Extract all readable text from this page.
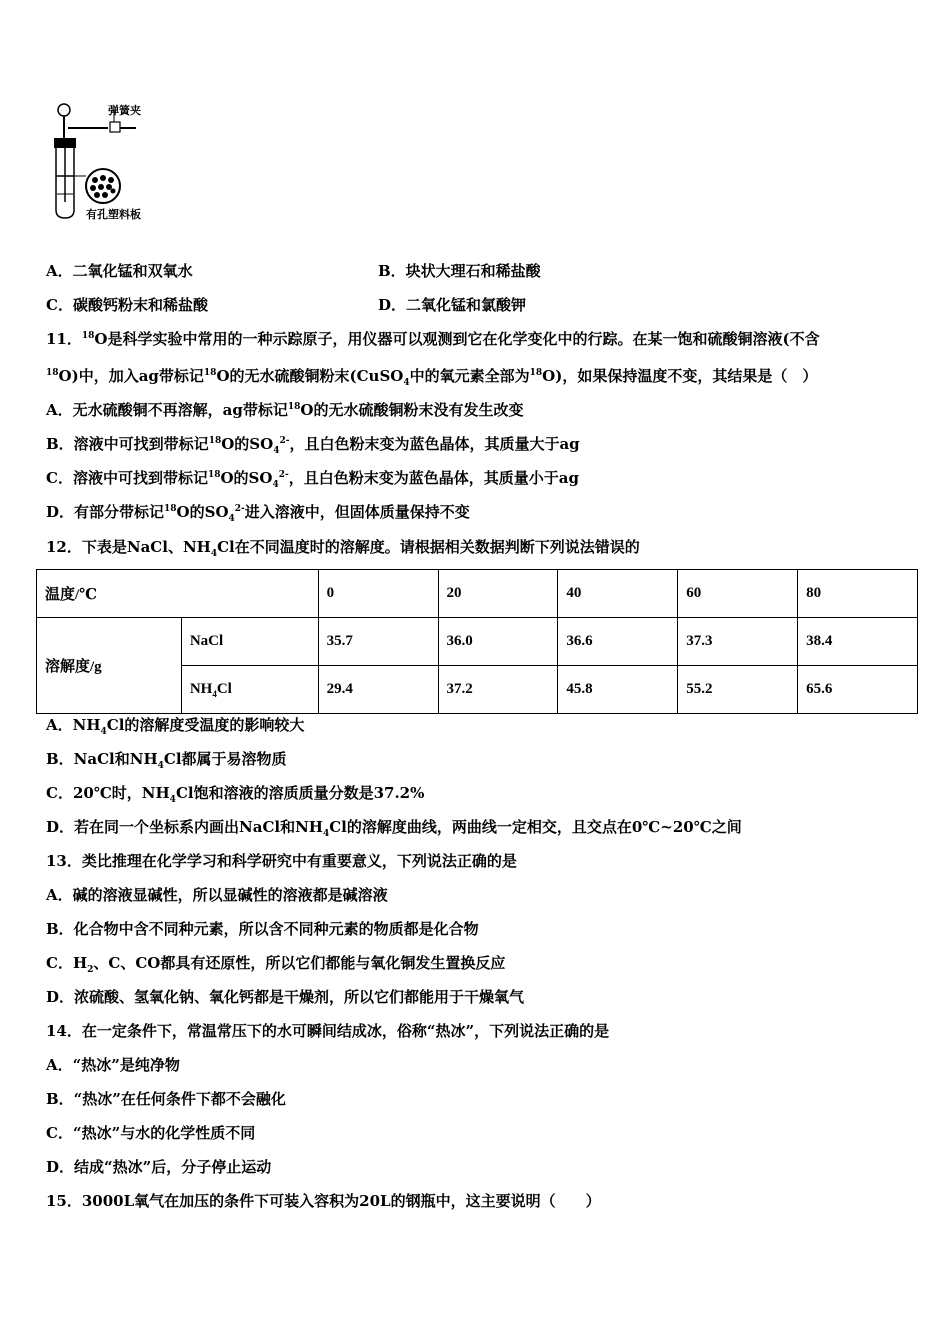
弹簧夹
有孔塑料板
A．二氧化锰和双氧水	B．块状大理石和稀盐酸
C．碳酸钙粉末和稀盐酸	D．二氧化锰和氯酸钾
11．$^{18}$O是科学实验中常用的一种示踪原子，用仪器可以观测到它在化学变化中的行踪。在某一饱和硫酸铜溶液(不含
$^{18}$O)中，加入ag带标记$^{18}$O的无水硫酸铜粉末(CuSO$_4$中的氧元素全部为$^{18}$O)，如果保持温度不变，其结果是（　）
A．无水硫酸铜不再溶解，ag带标记$^{18}$O的无水硫酸铜粉末没有发生改变
B．溶液中可找到带标记$^{18}$O的$SO_4^{2-}$，且白色粉末变为蓝色晶体，其质量大于ag
C．溶液中可找到带标记$^{18}$O的$SO_4^{2-}$，且白色粉末变为蓝色晶体，其质量小于ag
D．有部分带标记$^{18}$O的$SO_4^{2-}$进入溶液中，但固体质量保持不变
12．下表是NaCl、$NH_4Cl$在不同温度时的溶解度。请根据相关数据判断下列说法错误的
温度/℃		0	20	40	60	80
溶解度/g	NaCl	35.7	36.0	36.6	37.3	38.4
	$NH_4Cl$	29.4	37.2	45.8	55.2	65.6
A．$NH_4Cl$的溶解度受温度的影响较大
B．NaCl和$NH_4Cl$都属于易溶物质
C．20℃时，$NH_4Cl$饱和溶液的溶质质量分数是37.2%
D．若在同一个坐标系内画出NaCl和$NH_4Cl$的溶解度曲线，两曲线一定相交，且交点在0℃~20℃之间
13．类比推理在化学学习和科学研究中有重要意义，下列说法正确的是
A．碱的溶液显碱性，所以显碱性的溶液都是碱溶液
B．化合物中含不同种元素，所以含不同种元素的物质都是化合物
C．$H_2$、C、CO都具有还原性，所以它们都能与氧化铜发生置换反应
D．浓硫酸、氢氧化钠、氧化钙都是干燥剂，所以它们都能用于干燥氧气
14．在一定条件下，常温常压下的水可瞬间结成冰，俗称“热冰”，下列说法正确的是
A．“热冰”是纯净物
B．“热冰”在任何条件下都不会融化
C．“热冰”与水的化学性质不同
D．结成“热冰”后，分子停止运动
15．3000L氧气在加压的条件下可装入容积为20L的钢瓶中，这主要说明（　　）
